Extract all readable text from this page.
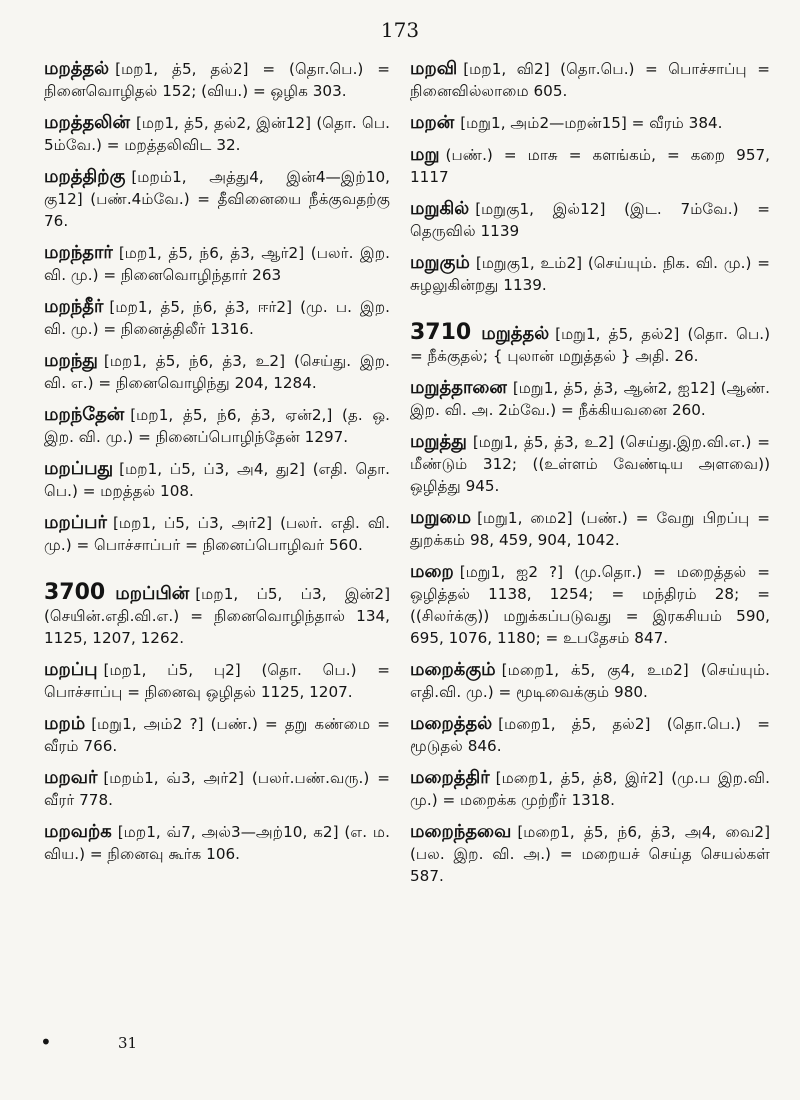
173
மறத்தல் [மற1, த்5, தல்2] = (தொ.பெ.) = நினைவொழிதல் 152; (விய.) = ஒழிக 303.
மறத்தலின் [மற1, த்5, தல்2, இன்12] (தொ. பெ. 5ம்வே.) = மறத்தலிவிட 32.
மறத்திற்கு [மறம்1, அத்து4, இன்4—இற்10, கு12] (பண்.4ம்வே.) = தீவினையை நீக்குவதற்கு 76.
மறந்தார் [மற1, த்5, ந்6, த்3, ஆர்2] (பலர். இற. வி. மு.) = நினைவொழிந்தார் 263
மறந்தீர் [மற1, த்5, ந்6, த்3, ஈர்2] (மு. ப. இற. வி. மு.) = நினைத்திலீர் 1316.
மறந்து [மற1, த்5, ந்6, த்3, உ2] (செய்து. இற. வி. எ.) = நினைவொழிந்து 204, 1284.
மறந்தேன் [மற1, த்5, ந்6, த்3, ஏன்2,] (த. ஒ. இற. வி. மு.) = நினைப்பொழிந்தேன் 1297.
மறப்பது [மற1, ப்5, ப்3, அ4, து2] (எதி. தொ. பெ.) = மறத்தல் 108.
மறப்பர் [மற1, ப்5, ப்3, அர்2] (பலர். எதி. வி. மு.) = பொச்சாப்பர் = நினைப்பொழிவர் 560.
3700 மறப்பின் [மற1, ப்5, ப்3, இன்2] (செயின்.எதி.வி.எ.) = நினைவொழிந்தால் 134, 1125, 1207, 1262.
மறப்பு [மற1, ப்5, பு2] (தொ. பெ.) = பொச்சாப்பு = நினைவு ஒழிதல் 1125, 1207.
மறம் [மறு1, அம்2 ?] (பண்.) = தறு கண்மை = வீரம் 766.
மறவர் [மறம்1, வ்3, அர்2] (பலர்.பண்.வரு.) = வீரர் 778.
மறவற்க [மற1, வ்7, அல்3—அற்10, க2] (எ. ம. விய.) = நினைவு கூர்க 106.
மறவி [மற1, வி2] (தொ.பெ.) = பொச்சாப்பு = நினைவில்லாமை 605.
மறன் [மறு1, அம்2—மறன்15] = வீரம் 384.
மறு (பண்.) = மாசு = களங்கம், = கறை 957, 1117
மறுகில் [மறுகு1, இல்12] (இட. 7ம்வே.) = தெருவில் 1139
மறுகும் [மறுகு1, உம்2] (செய்யும். நிக. வி. மு.) = சுழலுகின்றது 1139.
3710 மறுத்தல் [மறு1, த்5, தல்2] (தொ. பெ.) = நீக்குதல்; { புலான் மறுத்தல் } அதி. 26.
மறுத்தானை [மறு1, த்5, த்3, ஆன்2, ஐ12] (ஆண். இற. வி. அ. 2ம்வே.) = நீக்கியவனை 260.
மறுத்து [மறு1, த்5, த்3, உ2] (செய்து.இற.வி.எ.) = மீண்டும் 312; ((உள்ளம் வேண்டிய அளவை)) ஒழித்து 945.
மறுமை [மறு1, மை2] (பண்.) = வேறு பிறப்பு = துறக்கம் 98, 459, 904, 1042.
மறை [மறு1, ஐ2 ?] (மு.தொ.) = மறைத்தல் = ஒழித்தல் 1138, 1254; = மந்திரம் 28; = ((சிலர்க்கு)) மறுக்கப்படுவது = இரகசியம் 590, 695, 1076, 1180; = உபதேசம் 847.
மறைக்கும் [மறை1, க்5, கு4, உம2] (செய்யும். எதி.வி. மு.) = மூடிவைக்கும் 980.
மறைத்தல் [மறை1, த்5, தல்2] (தொ.பெ.) = மூடுதல் 846.
மறைத்திர் [மறை1, த்5, த்8, இர்2] (மு.ப இற.வி. மு.) = மறைக்க முற்றீர் 1318.
மறைந்தவை [மறை1, த்5, ந்6, த்3, அ4, வை2] (பல. இற. வி. அ.) = மறையச் செய்த செயல்கள் 587.
•	31
